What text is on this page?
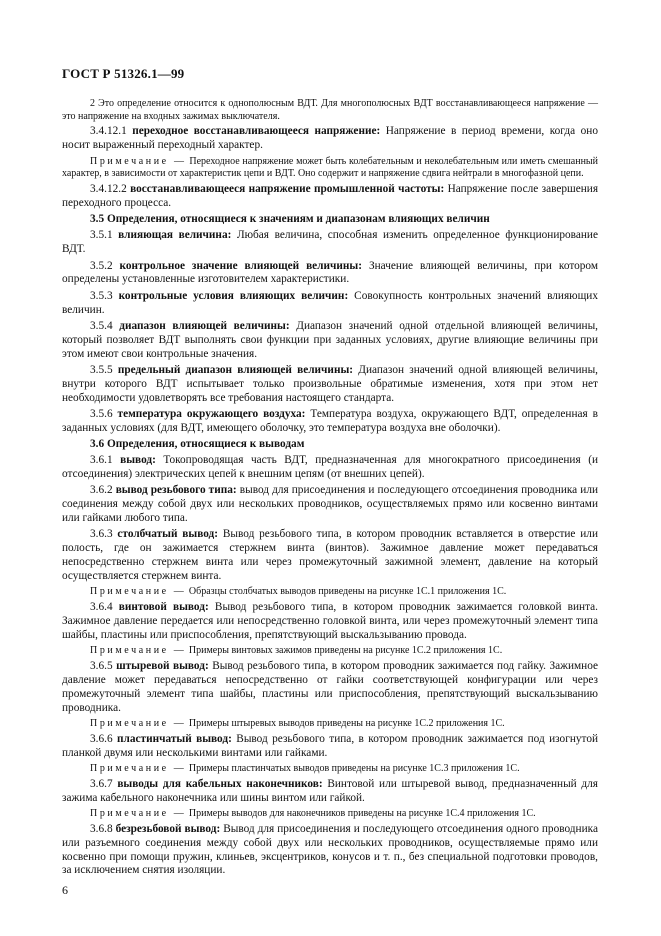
ГОСТ Р 51326.1—99

2 Это определение относится к однополюсным ВДТ. Для многополюсных ВДТ восстанавливающееся напряжение — это напряжение на входных зажимах выключателя.

3.4.12.1 переходное восстанавливающееся напряжение: Напряжение в период времени, когда оно носит выраженный переходный характер.

Примечание — Переходное напряжение может быть колебательным и неколебательным или иметь смешанный характер, в зависимости от характеристик цепи и ВДТ. Оно содержит и напряжение сдвига нейтрали в многофазной цепи.

3.4.12.2 восстанавливающееся напряжение промышленной частоты: Напряжение после завершения переходного процесса.

3.5 Определения, относящиеся к значениям и диапазонам влияющих величин

3.5.1 влияющая величина: Любая величина, способная изменить определенное функционирование ВДТ.

3.5.2 контрольное значение влияющей величины: Значение влияющей величины, при котором определены установленные изготовителем характеристики.

3.5.3 контрольные условия влияющих величин: Совокупность контрольных значений влияющих величин.

3.5.4 диапазон влияющей величины: Диапазон значений одной отдельной влияющей величины, который позволяет ВДТ выполнять свои функции при заданных условиях, другие влияющие величины при этом имеют свои контрольные значения.

3.5.5 предельный диапазон влияющей величины: Диапазон значений одной влияющей величины, внутри которого ВДТ испытывает только произвольные обратимые изменения, хотя при этом нет необходимости удовлетворять все требования настоящего стандарта.

3.5.6 температура окружающего воздуха: Температура воздуха, окружающего ВДТ, определенная в заданных условиях (для ВДТ, имеющего оболочку, это температура воздуха вне оболочки).

3.6 Определения, относящиеся к выводам

3.6.1 вывод: Токопроводящая часть ВДТ, предназначенная для многократного присоединения (и отсоединения) электрических цепей к внешним цепям (от внешних цепей).

3.6.2 вывод резьбового типа: вывод для присоединения и последующего отсоединения проводника или соединения между собой двух или нескольких проводников, осуществляемых прямо или косвенно винтами или гайками любого типа.

3.6.3 столбчатый вывод: Вывод резьбового типа, в котором проводник вставляется в отверстие или полость, где он зажимается стержнем винта (винтов). Зажимное давление может передаваться непосредственно стержнем винта или через промежуточный зажимной элемент, давление на который осуществляется стержнем винта.

Примечание — Образцы столбчатых выводов приведены на рисунке 1С.1 приложения 1С.

3.6.4 винтовой вывод: Вывод резьбового типа, в котором проводник зажимается головкой винта. Зажимное давление передается или непосредственно головкой винта, или через промежуточный элемент типа шайбы, пластины или приспособления, препятствующий выскальзыванию провода.

Примечание — Примеры винтовых зажимов приведены на рисунке 1С.2 приложения 1С.

3.6.5 штыревой вывод: Вывод резьбового типа, в котором проводник зажимается под гайку. Зажимное давление может передаваться непосредственно от гайки соответствующей конфигурации или через промежуточный элемент типа шайбы, пластины или приспособления, препятствующий выскальзыванию проводника.

Примечание — Примеры штыревых выводов приведены на рисунке 1С.2 приложения 1С.

3.6.6 пластинчатый вывод: Вывод резьбового типа, в котором проводник зажимается под изогнутой планкой двумя или несколькими винтами или гайками.

Примечание — Примеры пластинчатых выводов приведены на рисунке 1С.3 приложения 1С.

3.6.7 выводы для кабельных наконечников: Винтовой или штыревой вывод, предназначенный для зажима кабельного наконечника или шины винтом или гайкой.

Примечание — Примеры выводов для наконечников приведены на рисунке 1С.4 приложения 1С.

3.6.8 безрезьбовой вывод: Вывод для присоединения и последующего отсоединения одного проводника или разъемного соединения между собой двух или нескольких проводников, осуществляемые прямо или косвенно при помощи пружин, клиньев, эксцентриков, конусов и т. п., без специальной подготовки проводов, за исключением снятия изоляции.

6
